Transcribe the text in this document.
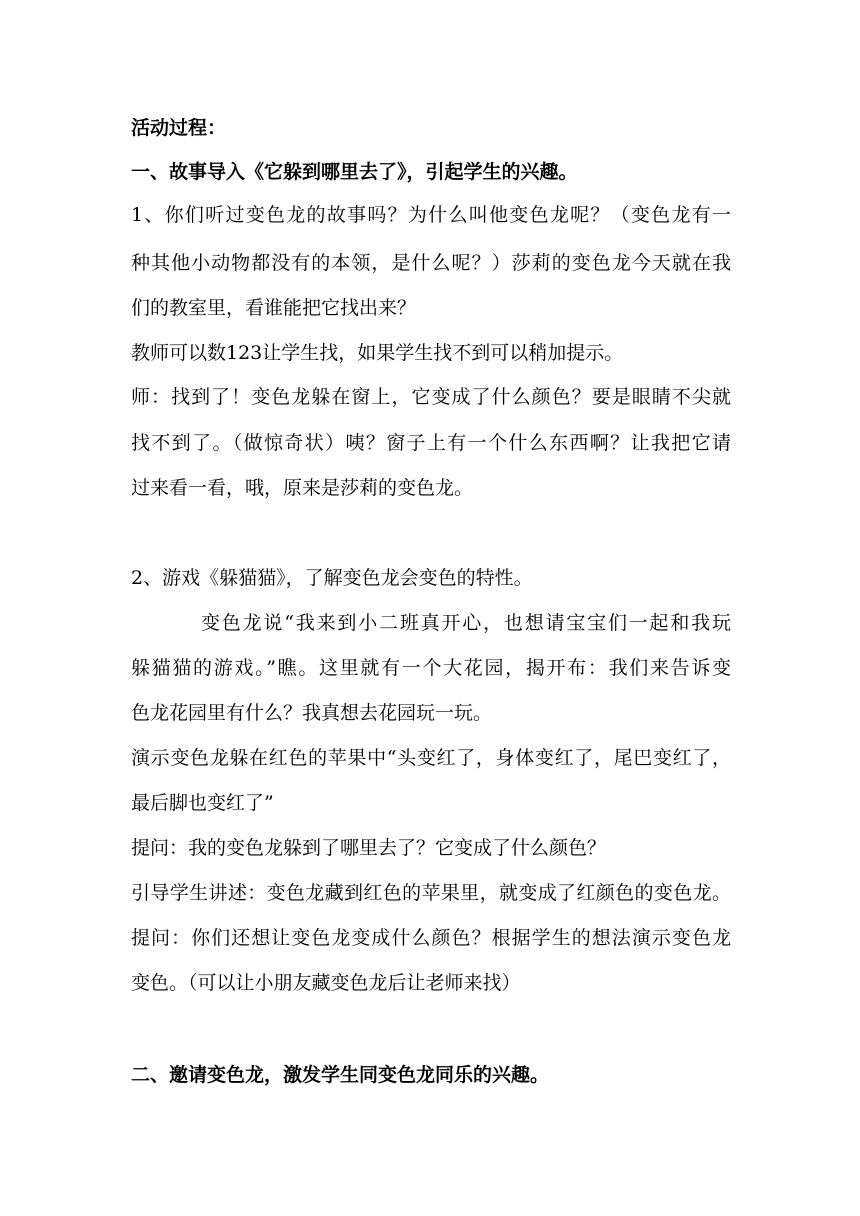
活动过程：
一、故事导入《它躲到哪里去了》，引起学生的兴趣。
1、你们听过变色龙的故事吗？为什么叫他变色龙呢？（变色龙有一
种其他小动物都没有的本领，是什么呢？）莎莉的变色龙今天就在我
们的教室里，看谁能把它找出来？
教师可以数123让学生找，如果学生找不到可以稍加提示。
师：找到了！变色龙躲在窗上，它变成了什么颜色？要是眼睛不尖就
找不到了。（做惊奇状）咦？窗子上有一个什么东西啊？让我把它请
过来看一看，哦，原来是莎莉的变色龙。
2、游戏《躲猫猫》，了解变色龙会变色的特性。
变色龙说“我来到小二班真开心，也想请宝宝们一起和我玩
躲猫猫的游戏。”瞧。这里就有一个大花园，揭开布：我们来告诉变
色龙花园里有什么？我真想去花园玩一玩。
演示变色龙躲在红色的苹果中“头变红了，身体变红了，尾巴变红了，
最后脚也变红了”
提问：我的变色龙躲到了哪里去了？它变成了什么颜色？
引导学生讲述：变色龙藏到红色的苹果里，就变成了红颜色的变色龙。
提问：你们还想让变色龙变成什么颜色？根据学生的想法演示变色龙
变色。（可以让小朋友藏变色龙后让老师来找）
二、邀请变色龙，激发学生同变色龙同乐的兴趣。
